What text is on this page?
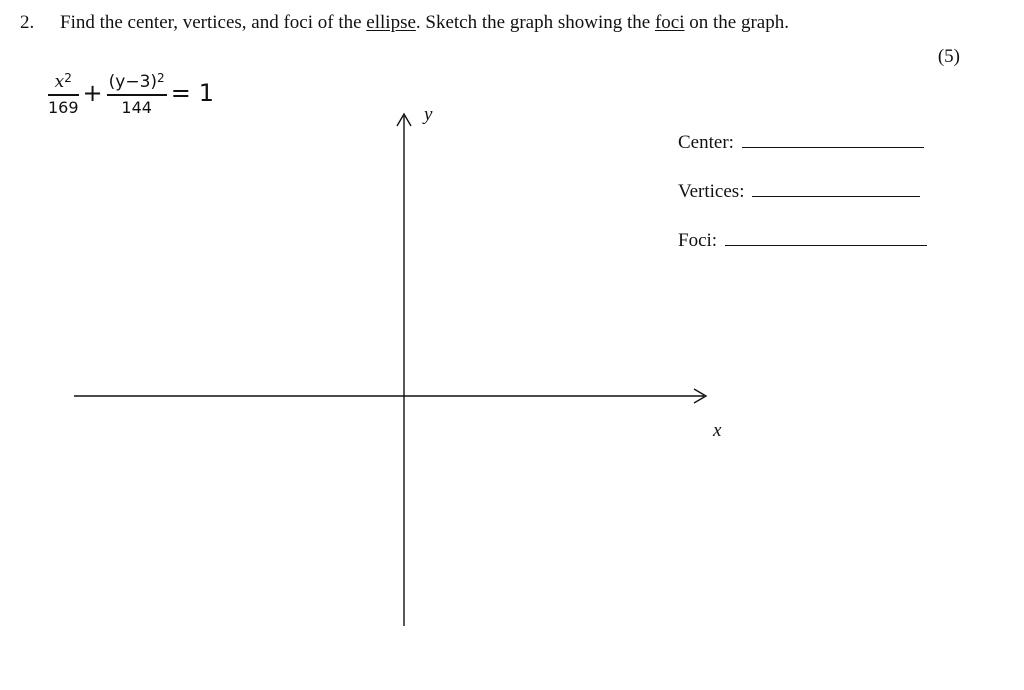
2. Find the center, vertices, and foci of the ellipse. Sketch the graph showing the foci on the graph.
(5)
$\frac{x^2}{169} + \frac{(y-3)^2}{144} = 1$
Center:
Vertices:
Foci:
y
x
